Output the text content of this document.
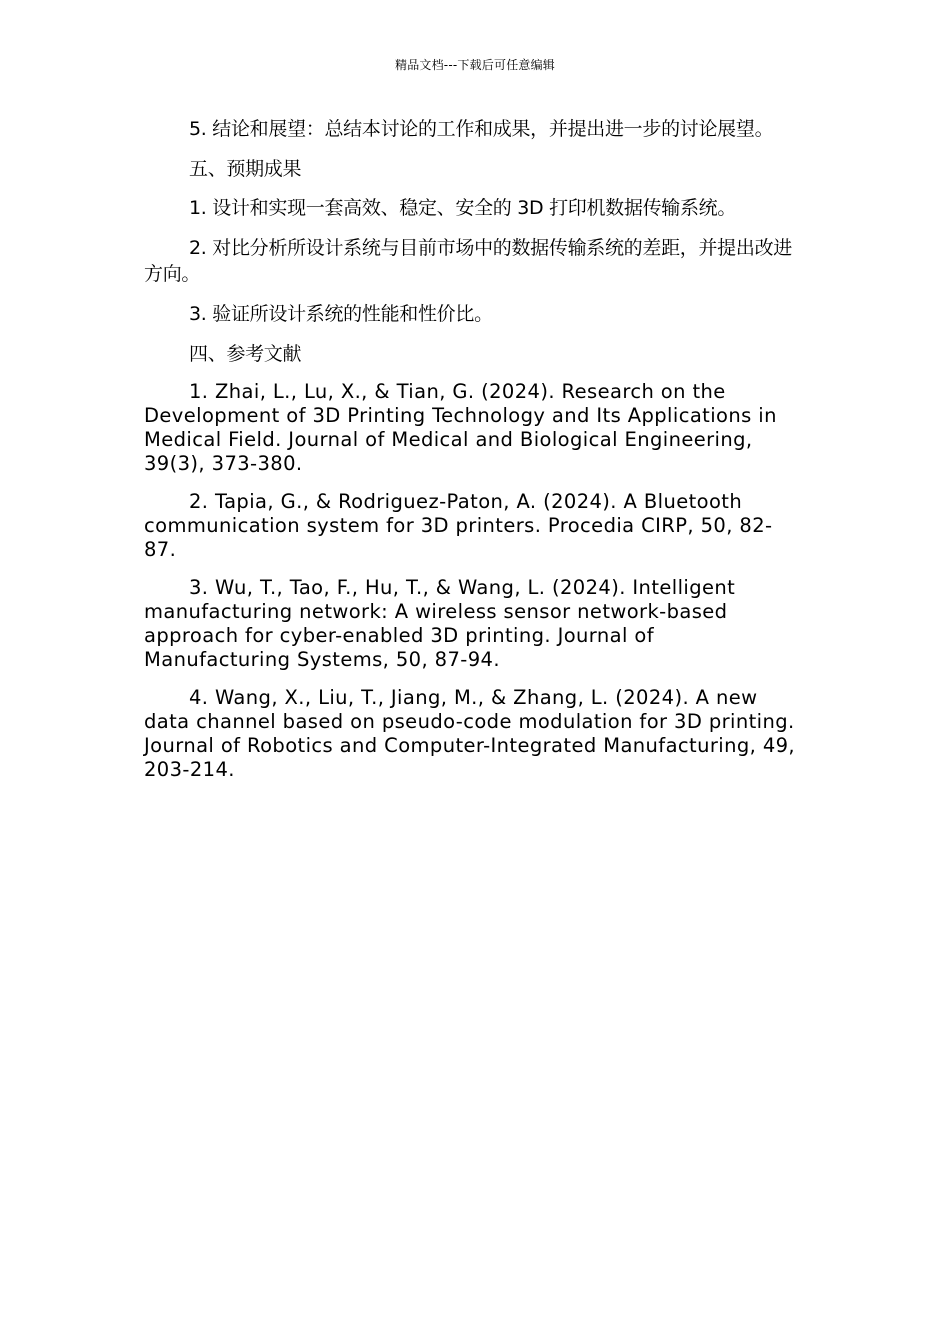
精品文档---下载后可任意编辑

5. 结论和展望：总结本讨论的工作和成果，并提出进一步的讨论展望。

五、预期成果

1. 设计和实现一套高效、稳定、安全的 3D 打印机数据传输系统。

2. 对比分析所设计系统与目前市场中的数据传输系统的差距，并提出改进方向。

3. 验证所设计系统的性能和性价比。

四、参考文献

1. Zhai, L., Lu, X., & Tian, G. (2024). Research on the Development of 3D Printing Technology and Its Applications in Medical Field. Journal of Medical and Biological Engineering, 39(3), 373-380.

2. Tapia, G., & Rodriguez-Paton, A. (2024). A Bluetooth communication system for 3D printers. Procedia CIRP, 50, 82-87.

3. Wu, T., Tao, F., Hu, T., & Wang, L. (2024). Intelligent manufacturing network: A wireless sensor network-based approach for cyber-enabled 3D printing. Journal of Manufacturing Systems, 50, 87-94.

4. Wang, X., Liu, T., Jiang, M., & Zhang, L. (2024). A new data channel based on pseudo-code modulation for 3D printing. Journal of Robotics and Computer-Integrated Manufacturing, 49, 203-214.
